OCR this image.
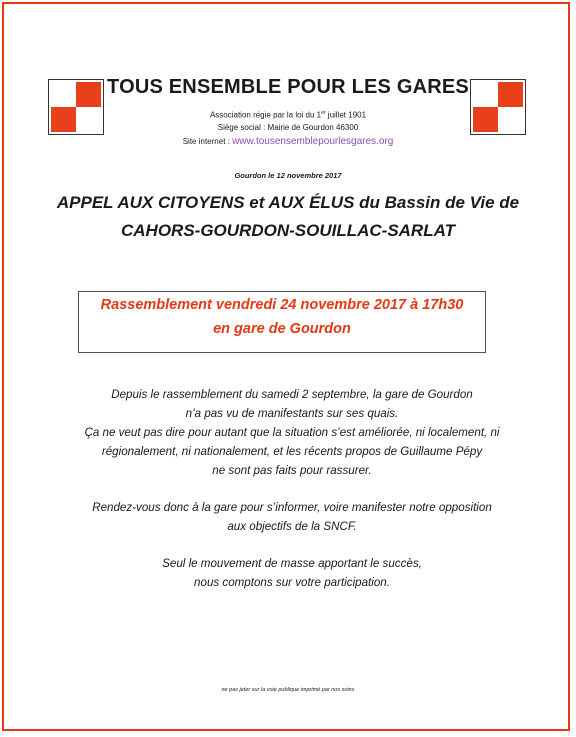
TOUS ENSEMBLE POUR LES GARES
Association régie par la loi du 1er juillet 1901
Siège social : Mairie de Gourdon 46300
Site internet : www.tousensemblepourlesgares.org
Gourdon le 12 novembre 2017
APPEL AUX CITOYENS et AUX ÉLUS du Bassin de Vie de
CAHORS-GOURDON-SOUILLAC-SARLAT
Rassemblement vendredi 24 novembre 2017 à 17h30
en gare de Gourdon
Depuis le rassemblement du samedi 2 septembre, la gare de Gourdon
n’a pas vu de manifestants sur ses quais.
Ça ne veut pas dire pour autant que la situation s’est améliorée, ni localement, ni
régionalement, ni nationalement, et les récents propos de Guillaume Pépy
ne sont pas faits pour rassurer.
Rendez-vous donc à la gare pour s’informer, voire manifester notre opposition
aux objectifs de la SNCF.
Seul le mouvement de masse apportant le succès,
nous comptons sur votre participation.
ne pas jeter sur la voie publique imprimé par nos soins
